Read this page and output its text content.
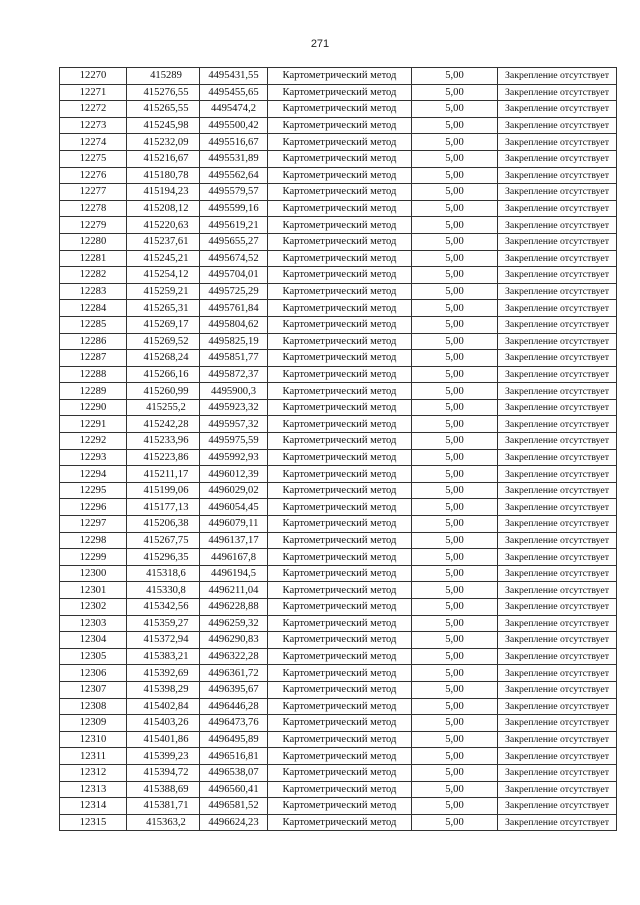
271
12270	415289	4495431,55	Картометрический метод	5,00	Закрепление отсутствует
12271	415276,55	4495455,65	Картометрический метод	5,00	Закрепление отсутствует
12272	415265,55	4495474,2	Картометрический метод	5,00	Закрепление отсутствует
12273	415245,98	4495500,42	Картометрический метод	5,00	Закрепление отсутствует
12274	415232,09	4495516,67	Картометрический метод	5,00	Закрепление отсутствует
12275	415216,67	4495531,89	Картометрический метод	5,00	Закрепление отсутствует
12276	415180,78	4495562,64	Картометрический метод	5,00	Закрепление отсутствует
12277	415194,23	4495579,57	Картометрический метод	5,00	Закрепление отсутствует
12278	415208,12	4495599,16	Картометрический метод	5,00	Закрепление отсутствует
12279	415220,63	4495619,21	Картометрический метод	5,00	Закрепление отсутствует
12280	415237,61	4495655,27	Картометрический метод	5,00	Закрепление отсутствует
12281	415245,21	4495674,52	Картометрический метод	5,00	Закрепление отсутствует
12282	415254,12	4495704,01	Картометрический метод	5,00	Закрепление отсутствует
12283	415259,21	4495725,29	Картометрический метод	5,00	Закрепление отсутствует
12284	415265,31	4495761,84	Картометрический метод	5,00	Закрепление отсутствует
12285	415269,17	4495804,62	Картометрический метод	5,00	Закрепление отсутствует
12286	415269,52	4495825,19	Картометрический метод	5,00	Закрепление отсутствует
12287	415268,24	4495851,77	Картометрический метод	5,00	Закрепление отсутствует
12288	415266,16	4495872,37	Картометрический метод	5,00	Закрепление отсутствует
12289	415260,99	4495900,3	Картометрический метод	5,00	Закрепление отсутствует
12290	415255,2	4495923,32	Картометрический метод	5,00	Закрепление отсутствует
12291	415242,28	4495957,32	Картометрический метод	5,00	Закрепление отсутствует
12292	415233,96	4495975,59	Картометрический метод	5,00	Закрепление отсутствует
12293	415223,86	4495992,93	Картометрический метод	5,00	Закрепление отсутствует
12294	415211,17	4496012,39	Картометрический метод	5,00	Закрепление отсутствует
12295	415199,06	4496029,02	Картометрический метод	5,00	Закрепление отсутствует
12296	415177,13	4496054,45	Картометрический метод	5,00	Закрепление отсутствует
12297	415206,38	4496079,11	Картометрический метод	5,00	Закрепление отсутствует
12298	415267,75	4496137,17	Картометрический метод	5,00	Закрепление отсутствует
12299	415296,35	4496167,8	Картометрический метод	5,00	Закрепление отсутствует
12300	415318,6	4496194,5	Картометрический метод	5,00	Закрепление отсутствует
12301	415330,8	4496211,04	Картометрический метод	5,00	Закрепление отсутствует
12302	415342,56	4496228,88	Картометрический метод	5,00	Закрепление отсутствует
12303	415359,27	4496259,32	Картометрический метод	5,00	Закрепление отсутствует
12304	415372,94	4496290,83	Картометрический метод	5,00	Закрепление отсутствует
12305	415383,21	4496322,28	Картометрический метод	5,00	Закрепление отсутствует
12306	415392,69	4496361,72	Картометрический метод	5,00	Закрепление отсутствует
12307	415398,29	4496395,67	Картометрический метод	5,00	Закрепление отсутствует
12308	415402,84	4496446,28	Картометрический метод	5,00	Закрепление отсутствует
12309	415403,26	4496473,76	Картометрический метод	5,00	Закрепление отсутствует
12310	415401,86	4496495,89	Картометрический метод	5,00	Закрепление отсутствует
12311	415399,23	4496516,81	Картометрический метод	5,00	Закрепление отсутствует
12312	415394,72	4496538,07	Картометрический метод	5,00	Закрепление отсутствует
12313	415388,69	4496560,41	Картометрический метод	5,00	Закрепление отсутствует
12314	415381,71	4496581,52	Картометрический метод	5,00	Закрепление отсутствует
12315	415363,2	4496624,23	Картометрический метод	5,00	Закрепление отсутствует
